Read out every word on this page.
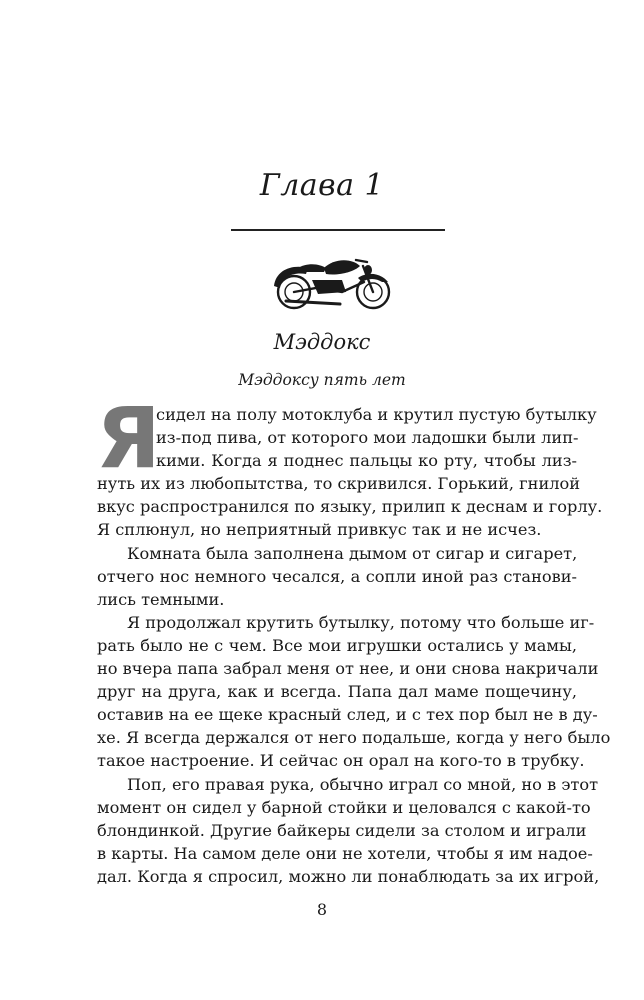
Глава 1
Мэддокс
Мэддоксу пять лет
Я
сидел на полу мотоклуба и крутил пустую бутылку
из-под пива, от которого мои ладошки были лип-
кими. Когда я поднес пальцы ко рту, чтобы лиз-
нуть их из любопытства, то скривился. Горький, гнилой
вкус распространился по языку, прилип к деснам и горлу.
Я сплюнул, но неприятный привкус так и не исчез.
Комната была заполнена дымом от сигар и сигарет,
отчего нос немного чесался, а сопли иной раз станови-
лись темными.
Я продолжал крутить бутылку, потому что больше иг-
рать было не с чем. Все мои игрушки остались у мамы,
но вчера папа забрал меня от нее, и они снова накричали
друг на друга, как и всегда. Папа дал маме пощечину,
оставив на ее щеке красный след, и с тех пор был не в ду-
хе. Я всегда держался от него подальше, когда у него было
такое настроение. И сейчас он орал на кого-то в трубку.
Поп, его правая рука, обычно играл со мной, но в этот
момент он сидел у барной стойки и целовался с какой-то
блондинкой. Другие байкеры сидели за столом и играли
в карты. На самом деле они не хотели, чтобы я им надое-
дал. Когда я спросил, можно ли понаблюдать за их игрой,
8
